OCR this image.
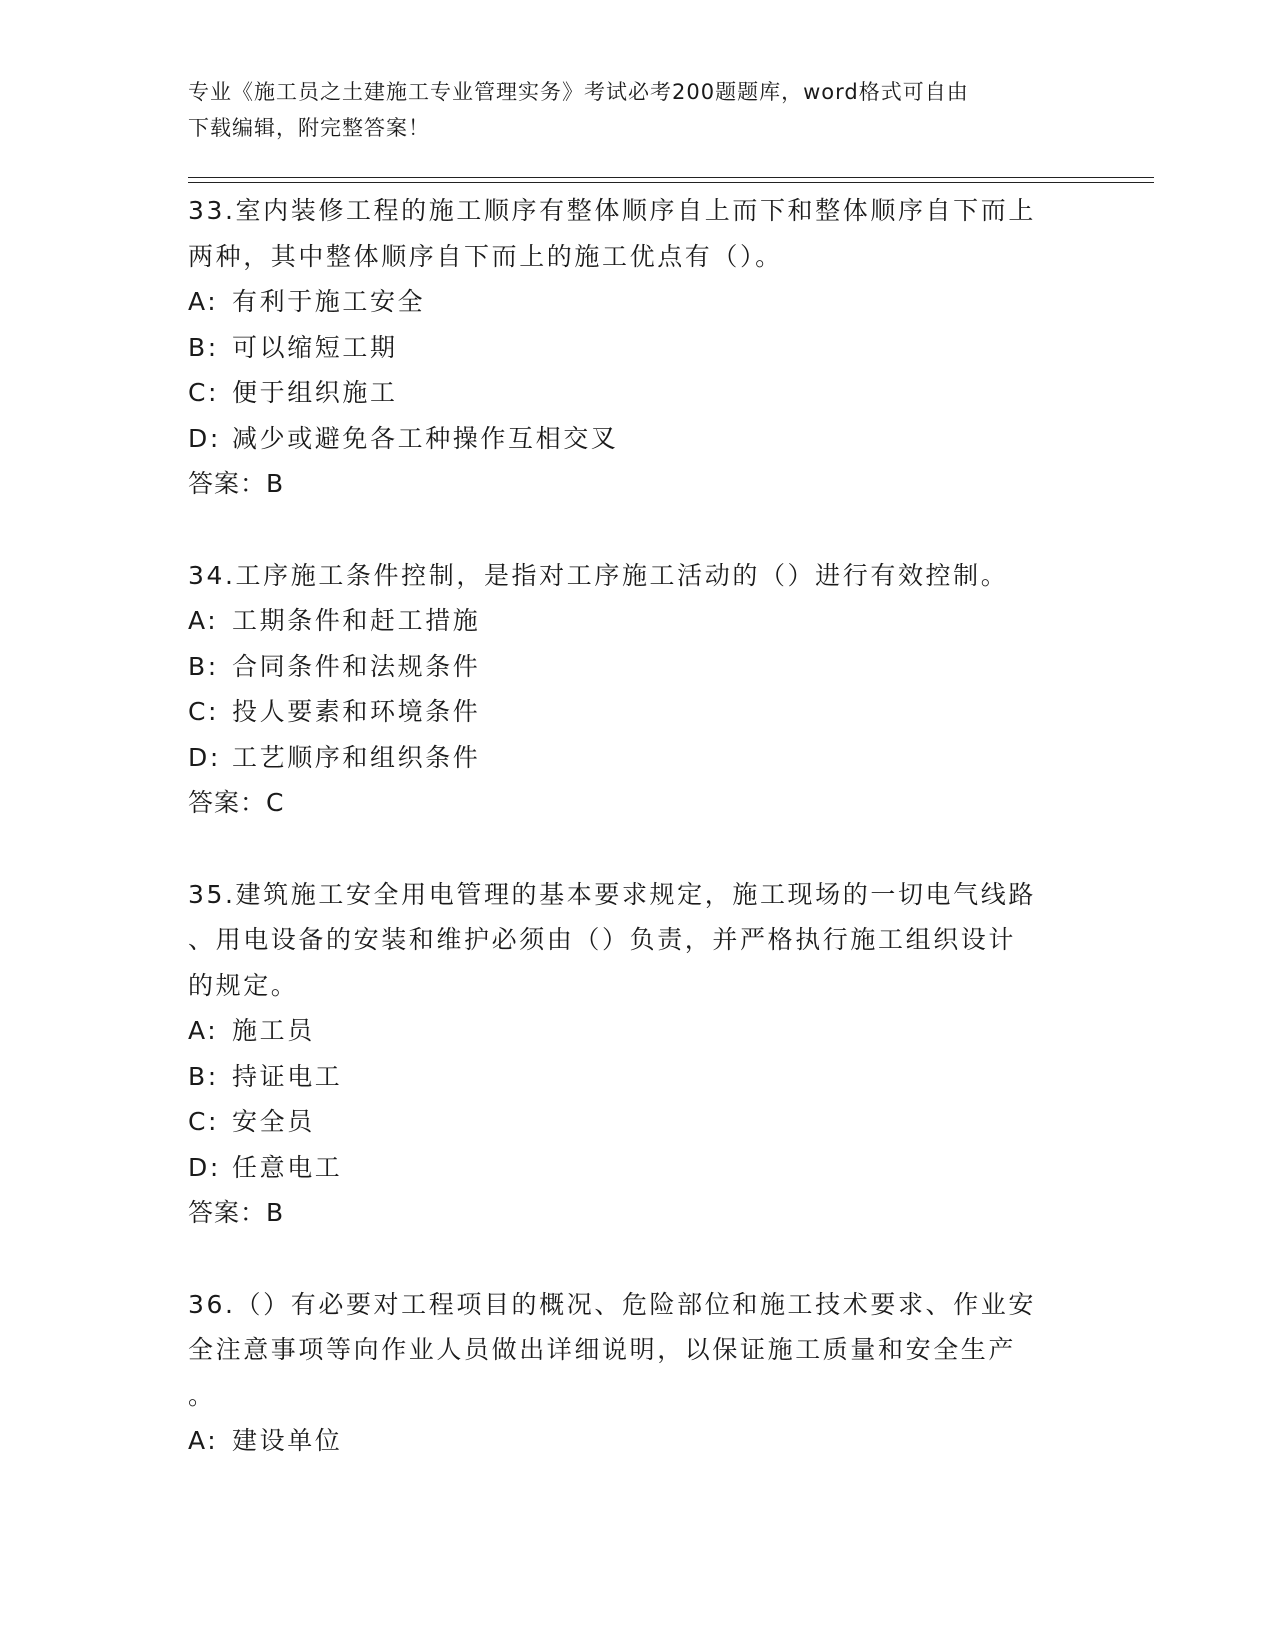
专业《施工员之土建施工专业管理实务》考试必考200题题库，word格式可自由

下载编辑，附完整答案！

33.室内装修工程的施工顺序有整体顺序自上而下和整体顺序自下而上

两种，其中整体顺序自下而上的施工优点有（）。

A: 有利于施工安全

B: 可以缩短工期

C: 便于组织施工

D: 减少或避免各工种操作互相交叉

答案：B

34.工序施工条件控制，是指对工序施工活动的（）进行有效控制。

A: 工期条件和赶工措施

B: 合同条件和法规条件

C: 投人要素和环境条件

D: 工艺顺序和组织条件

答案：C

35.建筑施工安全用电管理的基本要求规定，施工现场的一切电气线路

、用电设备的安装和维护必须由（）负责，并严格执行施工组织设计

的规定。

A: 施工员

B: 持证电工

C: 安全员

D: 任意电工

答案：B

36.（）有必要对工程项目的概况、危险部位和施工技术要求、作业安

全注意事项等向作业人员做出详细说明，以保证施工质量和安全生产

。

A: 建设单位
